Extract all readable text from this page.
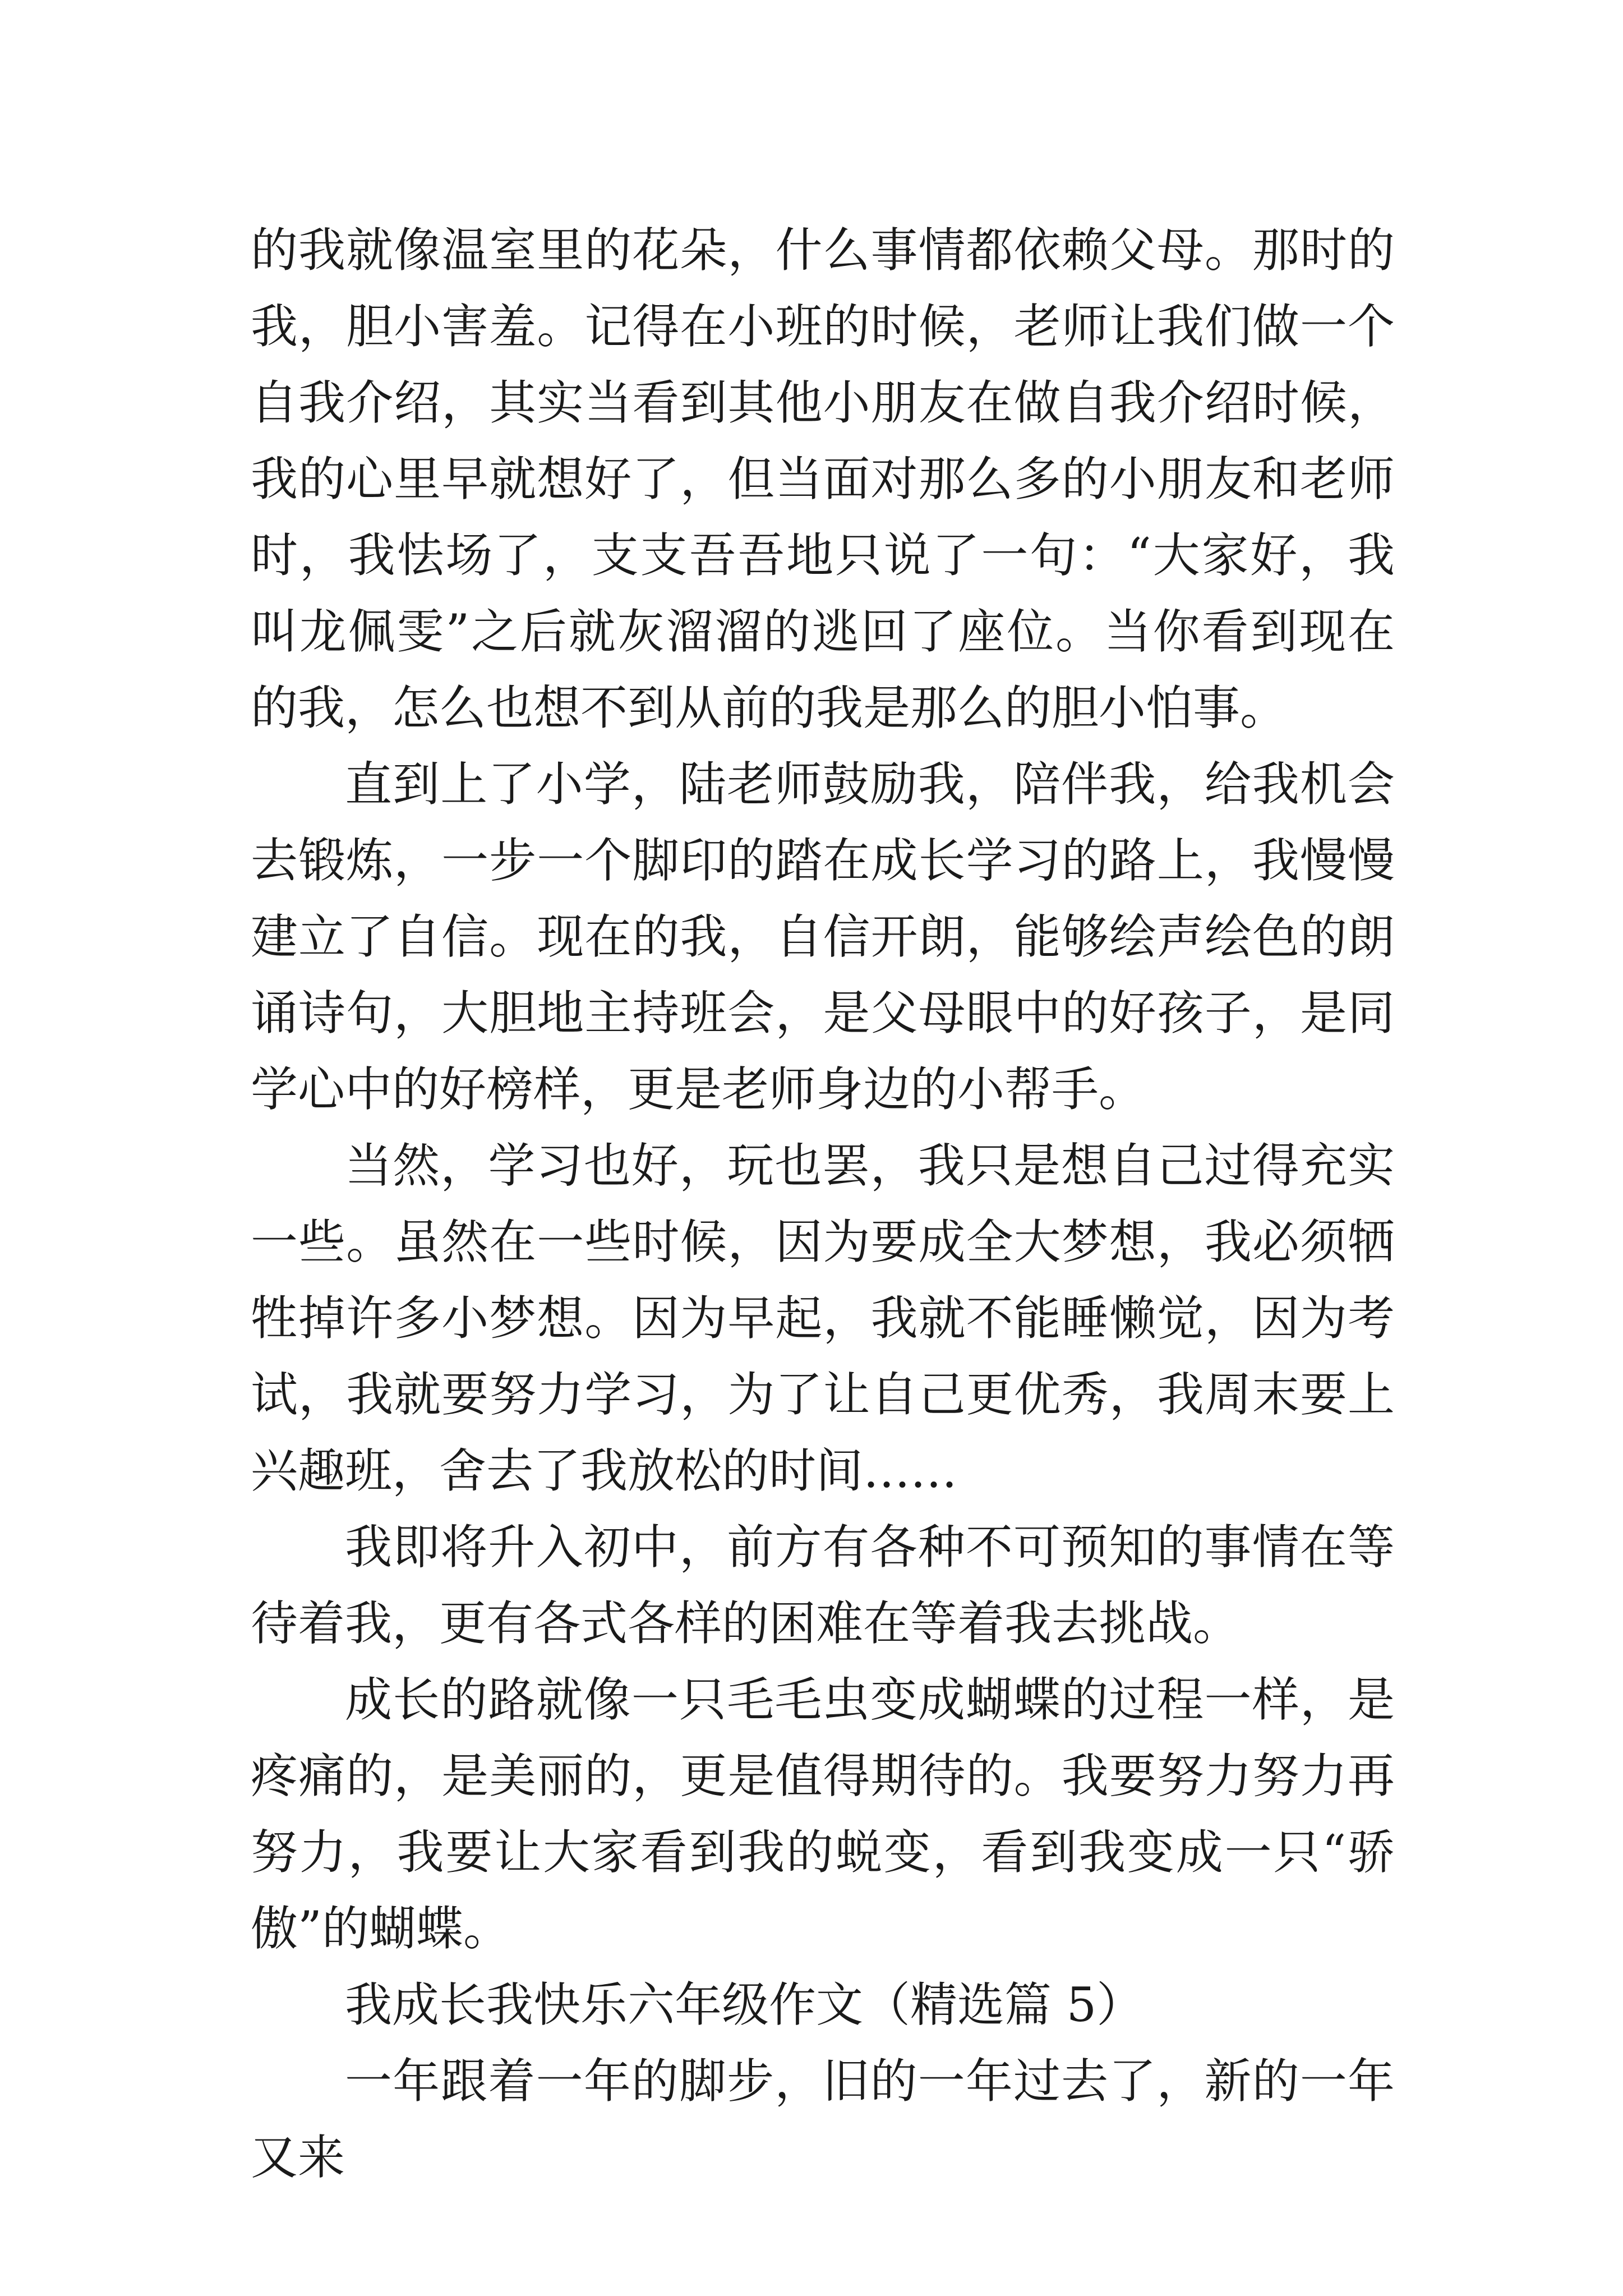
的我就像温室里的花朵，什么事情都依赖父母。那时的我，胆小害羞。记得在小班的时候，老师让我们做一个自我介绍，其实当看到其他小朋友在做自我介绍时候，我的心里早就想好了，但当面对那么多的小朋友和老师时，我怯场了，支支吾吾地只说了一句：“大家好，我叫龙佩雯”之后就灰溜溜的逃回了座位。当你看到现在的我，怎么也想不到从前的我是那么的胆小怕事。

直到上了小学，陆老师鼓励我，陪伴我，给我机会去锻炼，一步一个脚印的踏在成长学习的路上，我慢慢建立了自信。现在的我，自信开朗，能够绘声绘色的朗诵诗句，大胆地主持班会，是父母眼中的好孩子，是同学心中的好榜样，更是老师身边的小帮手。

当然，学习也好，玩也罢，我只是想自己过得充实一些。虽然在一些时候，因为要成全大梦想，我必须牺牲掉许多小梦想。因为早起，我就不能睡懒觉，因为考试，我就要努力学习，为了让自己更优秀，我周末要上兴趣班，舍去了我放松的时间……

我即将升入初中，前方有各种不可预知的事情在等待着我，更有各式各样的困难在等着我去挑战。

成长的路就像一只毛毛虫变成蝴蝶的过程一样，是疼痛的，是美丽的，更是值得期待的。我要努力努力再努力，我要让大家看到我的蜕变，看到我变成一只“骄傲”的蝴蝶。

我成长我快乐六年级作文（精选篇 5）

一年跟着一年的脚步，旧的一年过去了，新的一年又来
